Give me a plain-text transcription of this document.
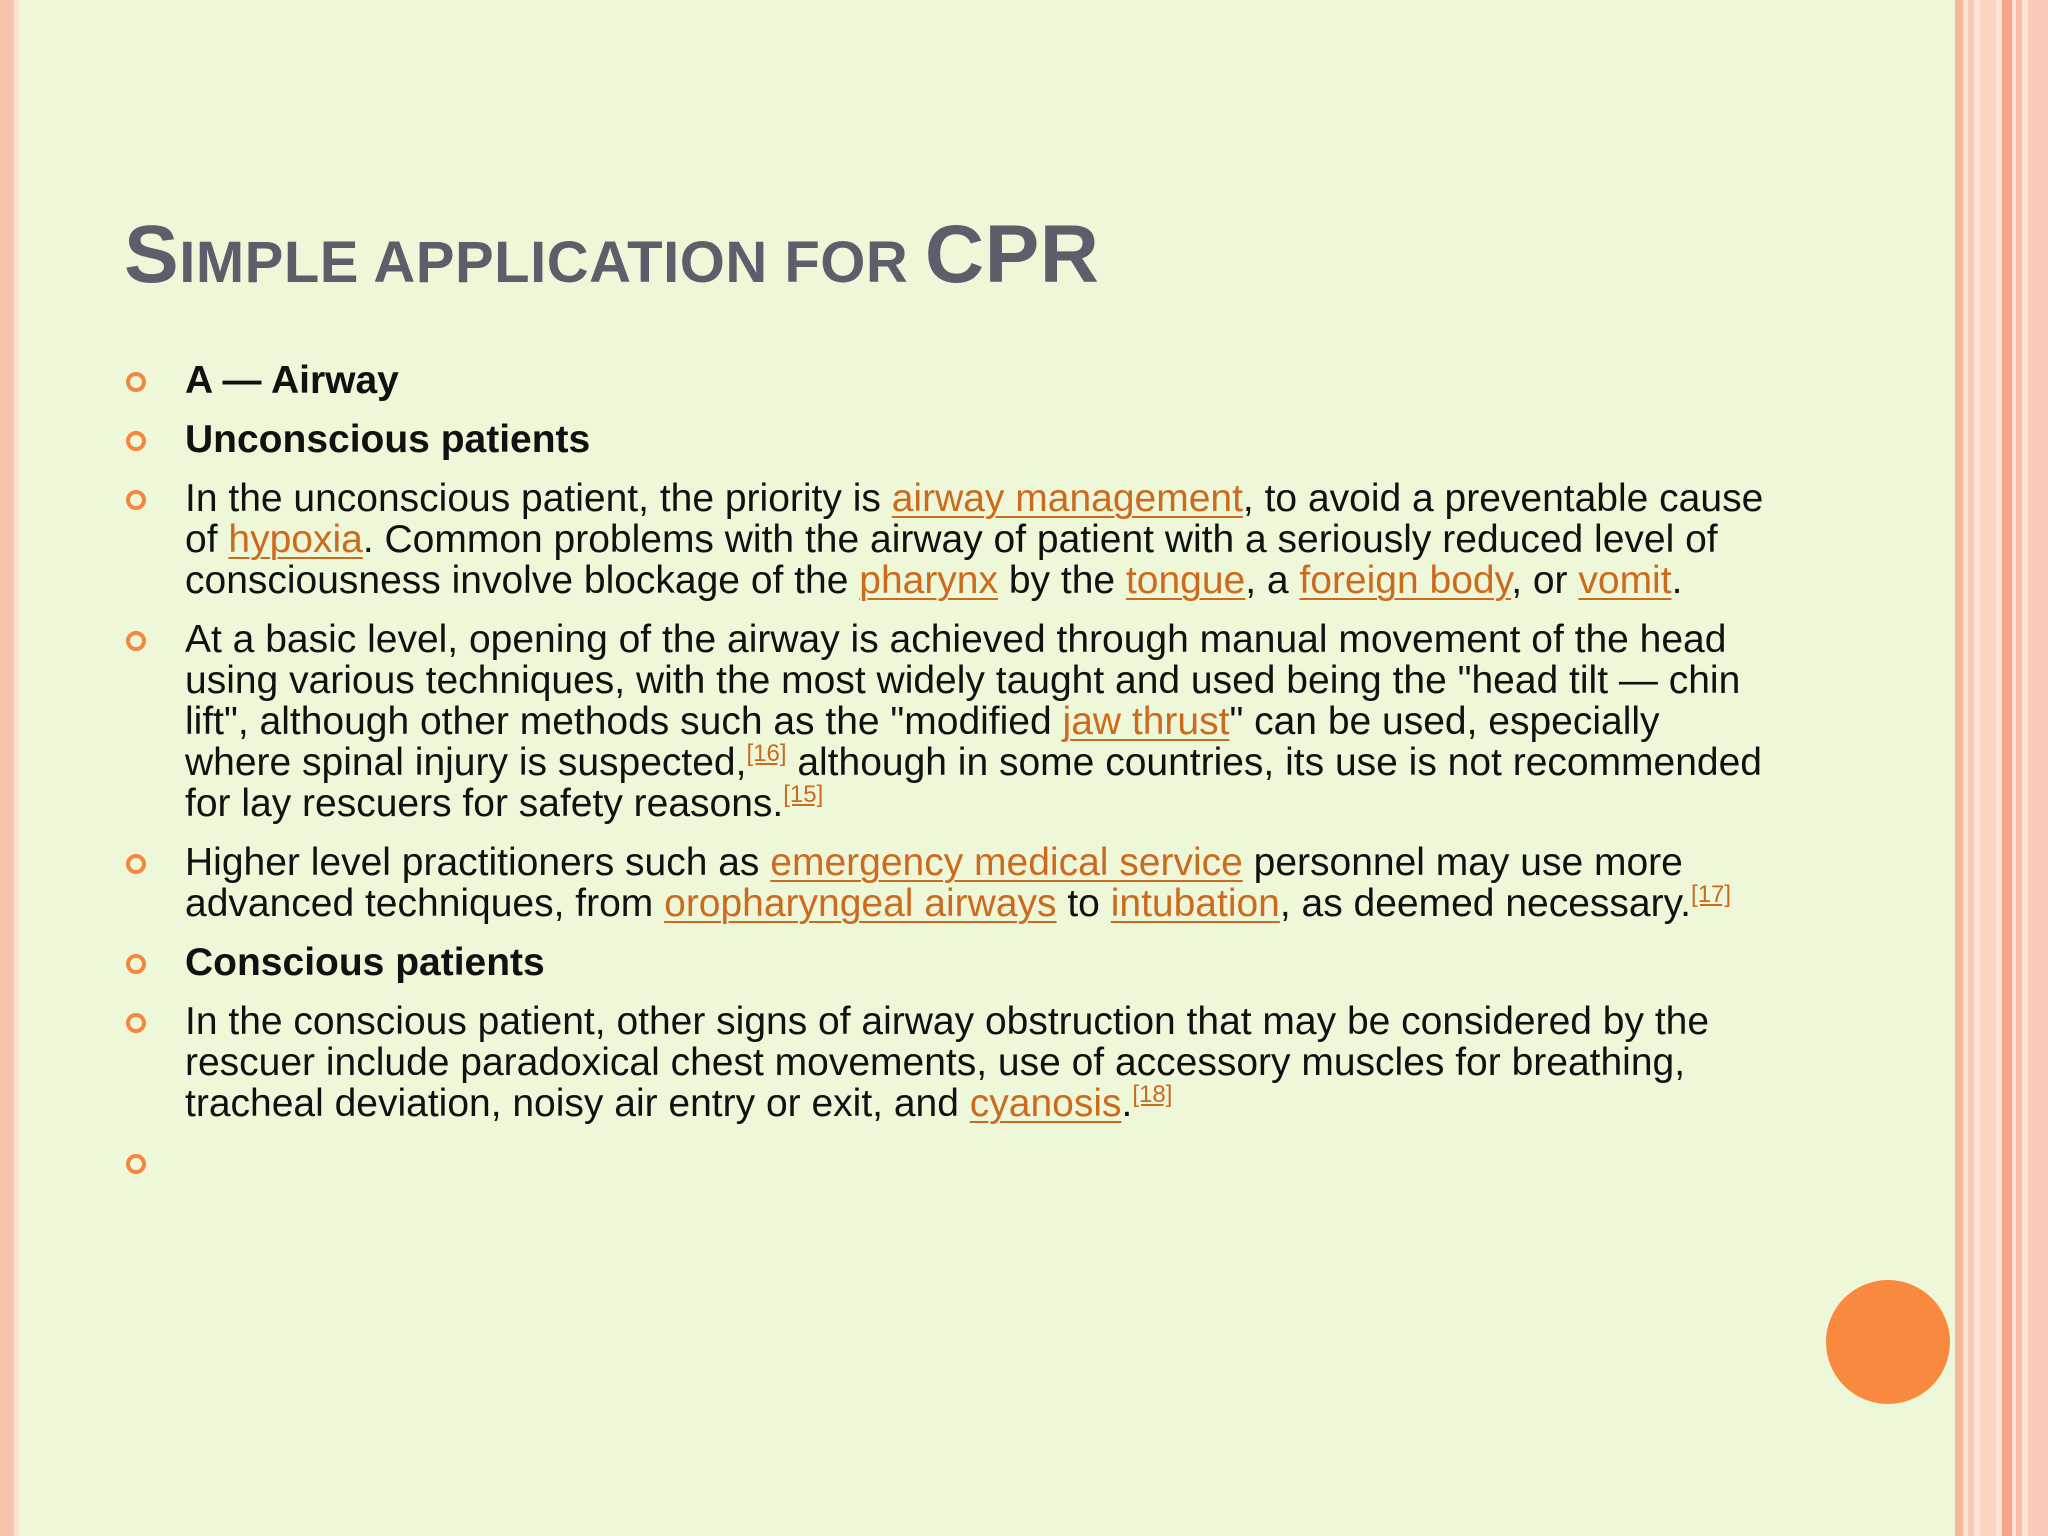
SIMPLE APPLICATION FOR CPR
A — Airway
Unconscious patients
In the unconscious patient, the priority is airway management, to avoid a preventable cause of hypoxia. Common problems with the airway of patient with a seriously reduced level of consciousness involve blockage of the pharynx by the tongue, a foreign body, or vomit.
At a basic level, opening of the airway is achieved through manual movement of the head using various techniques, with the most widely taught and used being the "head tilt — chin lift", although other methods such as the "modified jaw thrust" can be used, especially where spinal injury is suspected,[16] although in some countries, its use is not recommended for lay rescuers for safety reasons.[15]
Higher level practitioners such as emergency medical service personnel may use more advanced techniques, from oropharyngeal airways to intubation, as deemed necessary.[17]
Conscious patients
In the conscious patient, other signs of airway obstruction that may be considered by the rescuer include paradoxical chest movements, use of accessory muscles for breathing, tracheal deviation, noisy air entry or exit, and cyanosis.[18]
